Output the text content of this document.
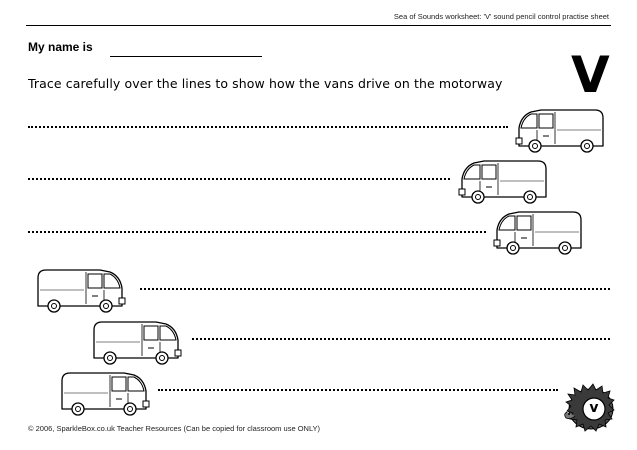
Sea of Sounds worksheet: 'V' sound pencil control practise sheet
My name is
Trace carefully over the lines to show how the vans drive on the motorway V
v
© 2006, SparkleBox.co.uk Teacher Resources (Can be copied for classroom use ONLY)
